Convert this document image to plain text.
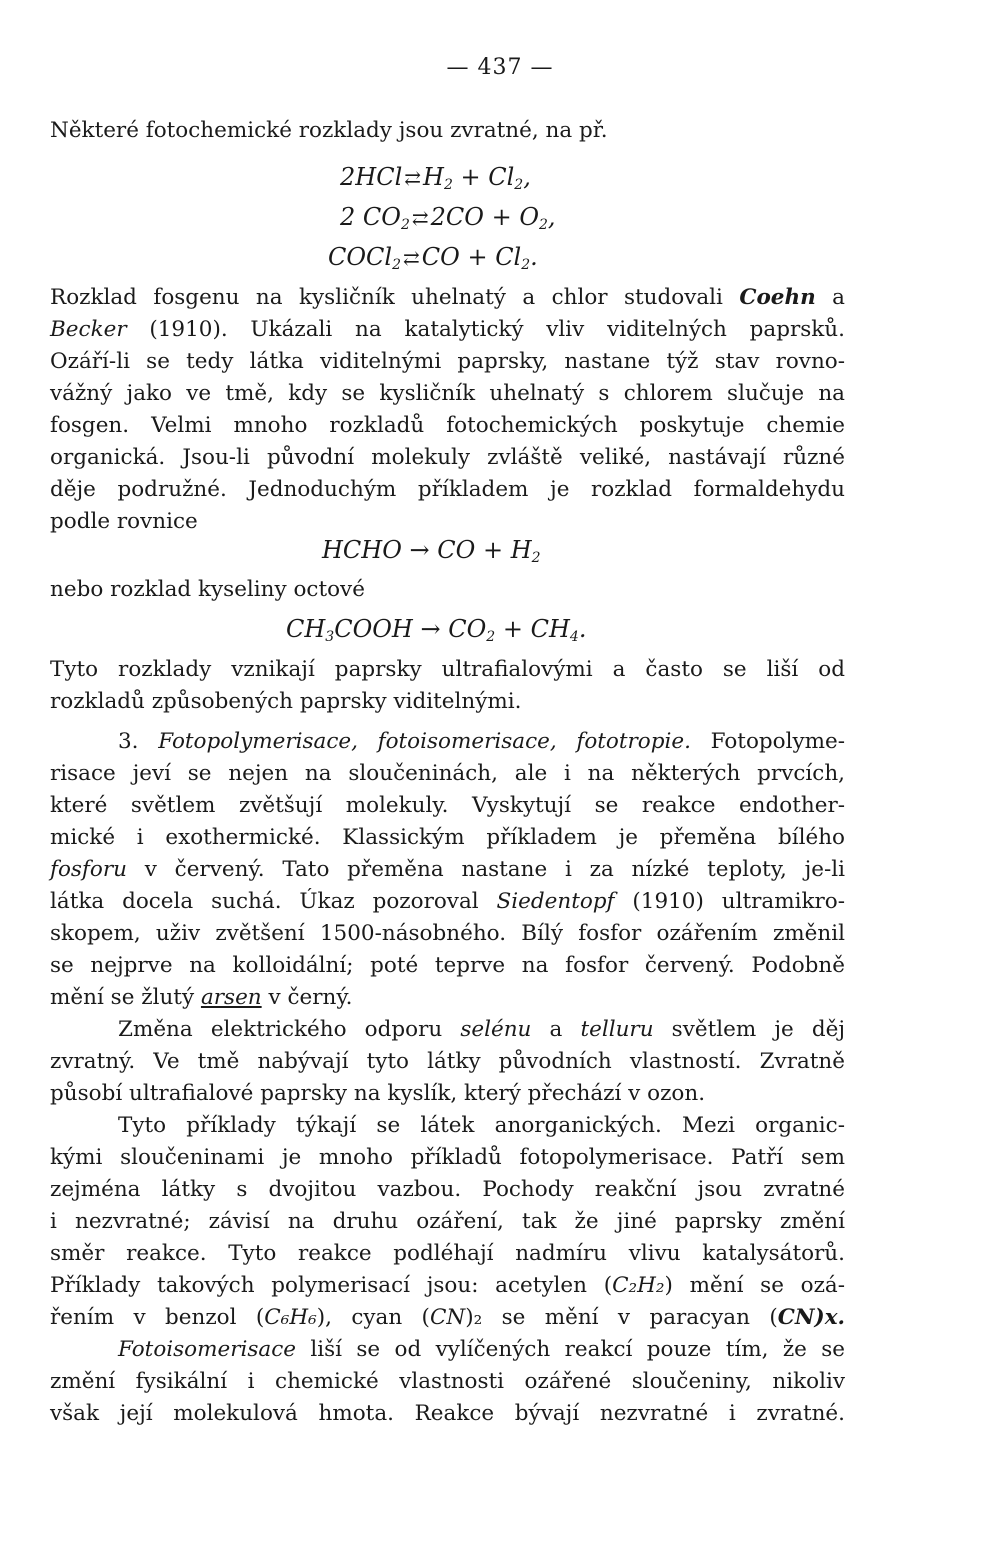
— 437 —
Některé fotochemické rozklady jsou zvratné, na př.
2HCl $⇄H_2 + Cl_2$,
2 $CO_2$ ⇄2CO + $O_2$,
COCl$_2$ ⇄CO + $Cl_2$.
Rozklad fosgenu na kysličník uhelnatý a chlor studovali Coehn a
Becker (1910). Ukázali na katalytický vliv viditelných paprsků.
Ozáří-li se tedy látka viditelnými paprsky, nastane týž stav rovno-
vážný jako ve tmě, kdy se kysličník uhelnatý s chlorem slučuje na
fosgen. Velmi mnoho rozkladů fotochemických poskytuje chemie
organická. Jsou-li původní molekuly zvláště veliké, nastávají různé
děje podružné. Jednoduchým příkladem je rozklad formaldehydu
podle rovnice
HCHO → CO + $H_2$
nebo rozklad kyseliny octové
$CH_3COOH \to CO_2 + CH_4$.
Tyto rozklady vznikají paprsky ultrafialovými a často se liší od
rozkladů způsobených paprsky viditelnými.
3. Fotopolymerisace, fotoisomerisace, fototropie. Fotopolyme-
risace jeví se nejen na sloučeninách, ale i na některých prvcích,
které světlem zvětšují molekuly. Vyskytují se reakce endother-
mické i exothermické. Klassickým příkladem je přeměna bílého
fosforu v červený. Tato přeměna nastane i za nízké teploty, je-li
látka docela suchá. Úkaz pozoroval Siedentopf (1910) ultramikro-
skopem, uživ zvětšení 1500-násobného. Bílý fosfor ozářením změnil
se nejprve na kolloidální; poté teprve na fosfor červený. Podobně
mění se žlutý arsen v černý.
Změna elektrického odporu selénu a telluru světlem je děj
zvratný. Ve tmě nabývají tyto látky původních vlastností. Zvratně
působí ultrafialové paprsky na kyslík, který přechází v ozon.
Tyto příklady týkají se látek anorganických. Mezi organic-
kými sloučeninami je mnoho příkladů fotopolymerisace. Patří sem
zejména látky s dvojitou vazbou. Pochody reakční jsou zvratné
i nezvratné; závisí na druhu ozáření, tak že jiné paprsky změní
směr reakce. Tyto reakce podléhají nadmíru vlivu katalysátorů.
Příklady takových polymerisací jsou: acetylen (C₂H₂) mění se ozá-
řením v benzol (C₆H₆), cyan (CN)₂ se mění v paracyan (CN)x.
Fotoisomerisace liší se od vylíčených reakcí pouze tím, že se
změní fysikální i chemické vlastnosti ozářené sloučeniny, nikoliv
však její molekulová hmota. Reakce bývají nezvratné i zvratné.
